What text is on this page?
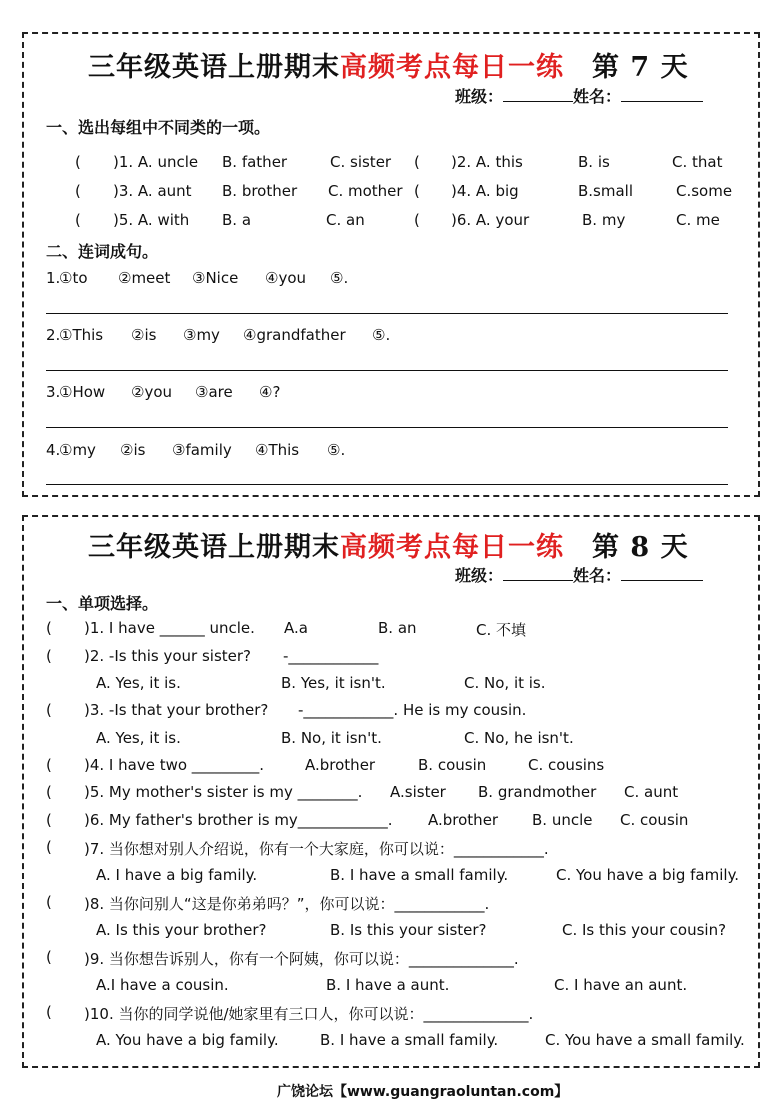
三年级英语上册期末高频考点每日一练 第 7 天
班级：	姓名：
一、选出每组中不同类的一项。
( )1. A. uncle B. father	C. sister ( )2. A. this	B. is	C. that
( )3. A. aunt B. brother C. mother ( )4. A. big	B.small	C.some
( )5. A. with B. a	C. an	( )6. A. your	B. my	C. me
二、连词成句。
1.
①to ②meet ③Nice ④you ⑤.
2.
①This ②is ③my ④grandfather ⑤.
3.
①How ②you ③are ④?
4.
①my ②is ③family ④This ⑤.
三年级英语上册期末高频考点每日一练 第 8 天
班级：	姓名：
一、单项选择。
( )1. I have ______ uncle. A.a	B. an	C. 不填
( )2. -Is this your sister? -____________
A. Yes, it is.	B. Yes, it isn't.	C. No, it is.
( )3. -Is that your brother? -____________. He is my cousin.
A. Yes, it is.	B. No, it isn't.	C. No, he isn't.
( )4. I have two _________.	A.brother	B. cousin	C. cousins
( )5. My mother's sister is my ________. A.sister B. grandmother C. aunt
( )6. My father's brother is my____________. A.brother B. uncle C. cousin
( )7. 当你想对别人介绍说，你有一个大家庭，你可以说：____________.
A. I have a big family.	B. I have a small family.	C. You have a big family.
( )8. 当你问别人“这是你弟弟吗？”，你可以说：____________.
A. Is this your brother?	B. Is this your sister?	C. Is this your cousin?
( )9. 当你想告诉别人，你有一个阿姨，你可以说：______________.
A.I have a cousin.	B. I have a aunt.	C. I have an aunt.
( )10. 当你的同学说他/她家里有三口人，你可以说：______________.
A. You have a big family.	B. I have a small family.	C. You have a small family.
广饶论坛【www.guangraoluntan.com】
